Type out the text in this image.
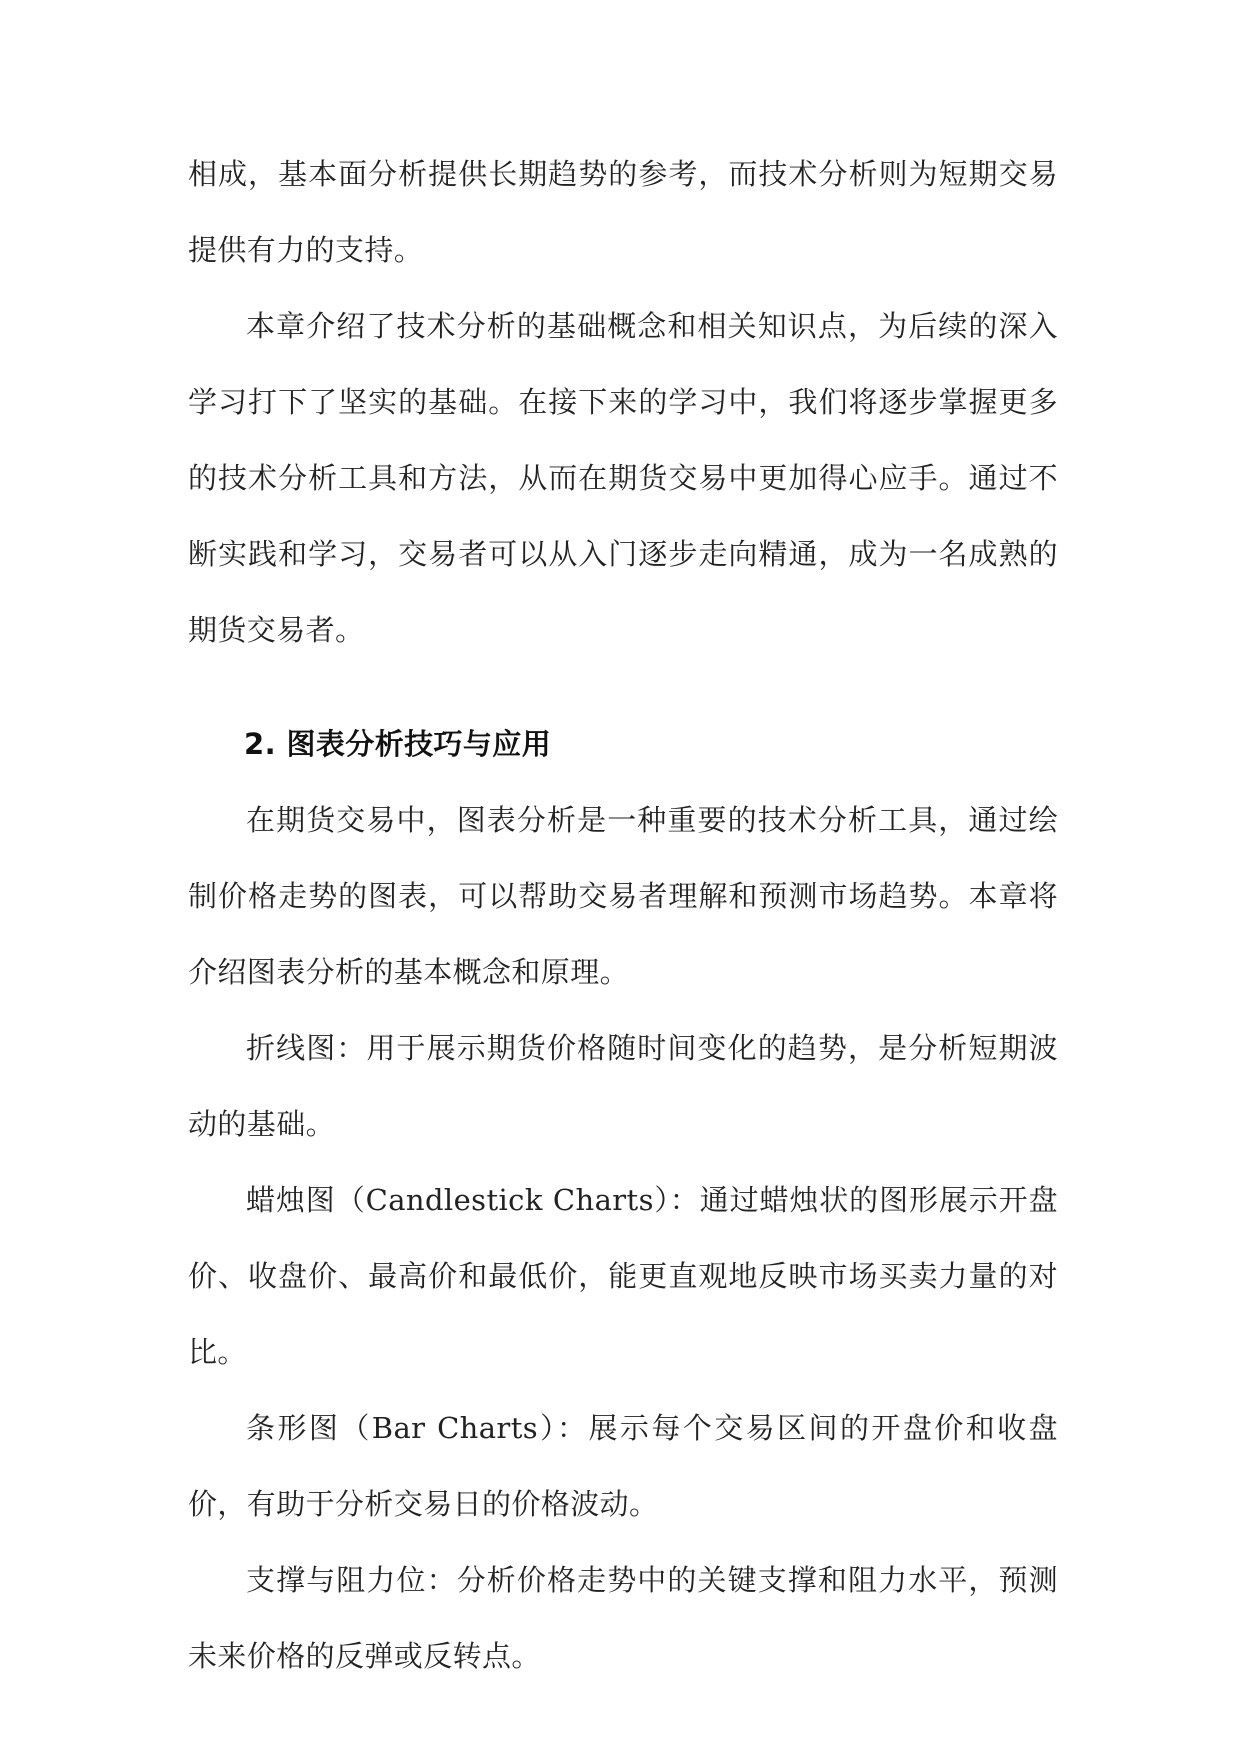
相成，基本面分析提供长期趋势的参考，而技术分析则为短期交易提供有力的支持。

本章介绍了技术分析的基础概念和相关知识点，为后续的深入学习打下了坚实的基础。在接下来的学习中，我们将逐步掌握更多的技术分析工具和方法，从而在期货交易中更加得心应手。通过不断实践和学习，交易者可以从入门逐步走向精通，成为一名成熟的期货交易者。

2. 图表分析技巧与应用

在期货交易中，图表分析是一种重要的技术分析工具，通过绘制价格走势的图表，可以帮助交易者理解和预测市场趋势。本章将介绍图表分析的基本概念和原理。

折线图：用于展示期货价格随时间变化的趋势，是分析短期波动的基础。

蜡烛图（Candlestick Charts）：通过蜡烛状的图形展示开盘价、收盘价、最高价和最低价，能更直观地反映市场买卖力量的对比。

条形图（Bar Charts）：展示每个交易区间的开盘价和收盘价，有助于分析交易日的价格波动。

支撑与阻力位：分析价格走势中的关键支撑和阻力水平，预测未来价格的反弹或反转点。
